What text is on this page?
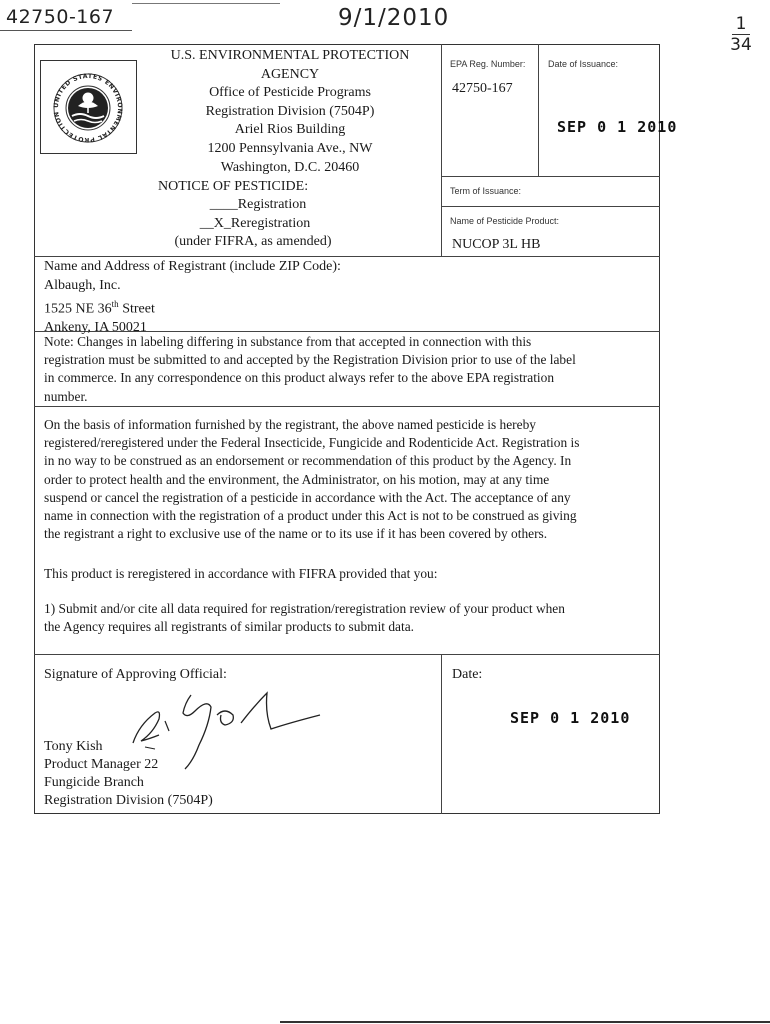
42750-167	9/1/2010	1
34
UNITED STATES ENVIRONMENTAL PROTECTION
U.S. ENVIRONMENTAL PROTECTION
AGENCY
Office of Pesticide Programs
Registration Division (7504P)
Ariel Rios Building
1200 Pennsylvania Ave., NW
Washington, D.C. 20460
NOTICE OF PESTICIDE:
____Registration
__X_Reregistration
(under FIFRA, as amended)
EPA Reg. Number:
42750-167
Date of Issuance:
SEP 0 1 2010
Term of Issuance:
Name of Pesticide Product:
NUCOP 3L HB
Name and Address of Registrant (include ZIP Code):
Albaugh, Inc.
1525 NE 36th Street
Ankeny, IA 50021
Note: Changes in labeling differing in substance from that accepted in connection with this
registration must be submitted to and accepted by the Registration Division prior to use of the label
in commerce. In any correspondence on this product always refer to the above EPA registration
number.
On the basis of information furnished by the registrant, the above named pesticide is hereby
registered/reregistered under the Federal Insecticide, Fungicide and Rodenticide Act. Registration is
in no way to be construed as an endorsement or recommendation of this product by the Agency. In
order to protect health and the environment, the Administrator, on his motion, may at any time
suspend or cancel the registration of a pesticide in accordance with the Act. The acceptance of any
name in connection with the registration of a product under this Act is not to be construed as giving
the registrant a right to exclusive use of the name or to its use if it has been covered by others.
This product is reregistered in accordance with FIFRA provided that you:
1) Submit and/or cite all data required for registration/reregistration review of your product when
the Agency requires all registrants of similar products to submit data.
Signature of Approving Official:
Tony Kish
Product Manager 22
Fungicide Branch
Registration Division (7504P)
Date:
SEP 0 1 2010
